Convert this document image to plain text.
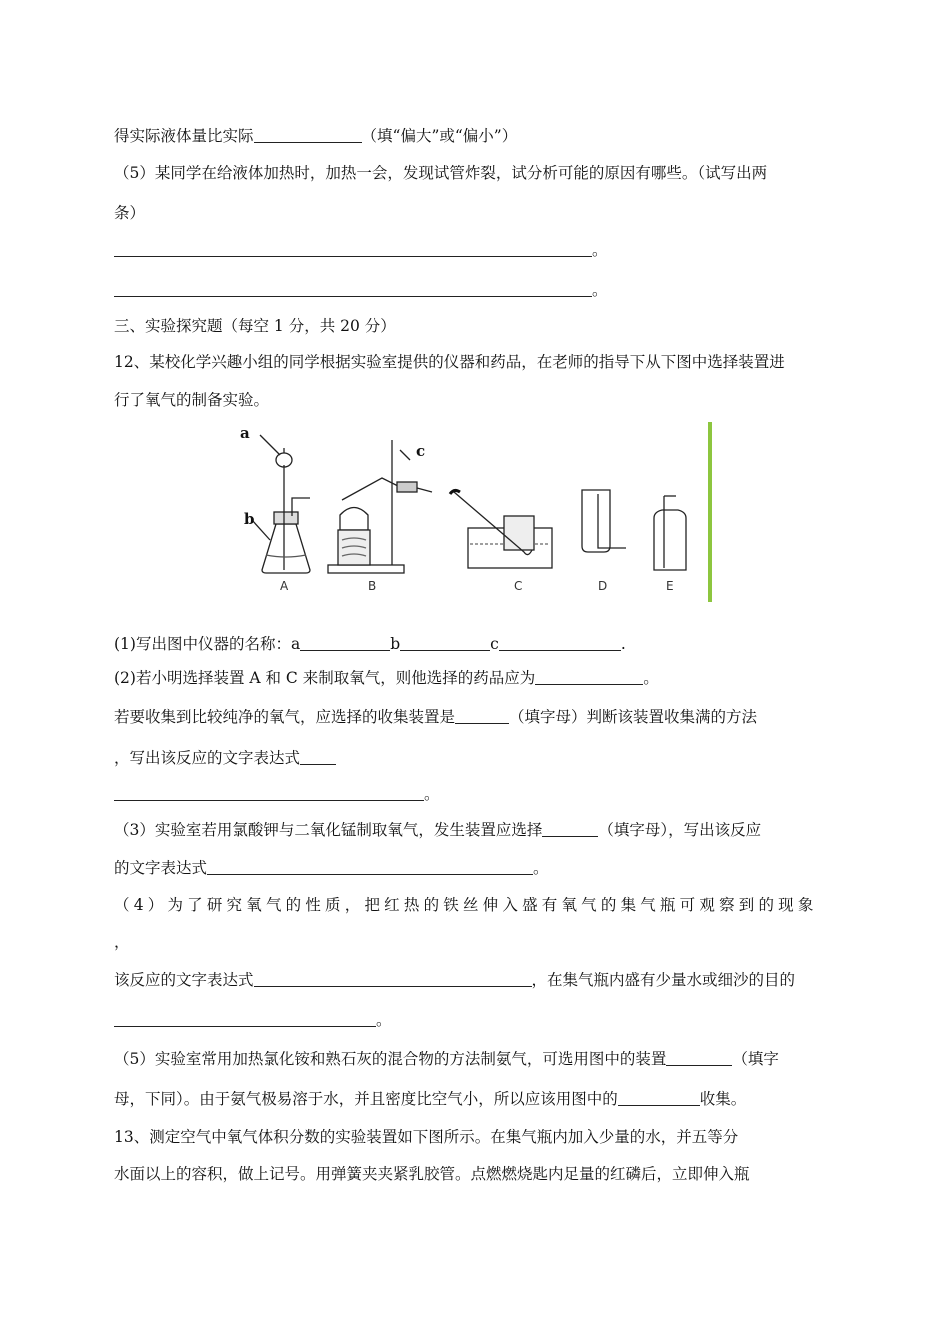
得实际液体量比实际	（填“偏大”或“偏小”）
（5）某同学在给液体加热时，加热一会，发现试管炸裂，试分析可能的原因有哪些。（试写出两
条）
。
。
三、实验探究题（每空 1 分，共 20 分）
12、某校化学兴趣小组的同学根据实验室提供的仪器和药品，在老师的指导下从下图中选择装置进
行了氧气的制备实验。
a
b
c
A	B	C	D	E
(1)写出图中仪器的名称：a	b	c	.
(2)若小明选择装置 A 和 C 来制取氧气，则他选择的药品应为	。
若要收集到比较纯净的氧气，应选择的收集装置是	（填字母）判断该装置收集满的方法
，写出该反应的文字表达式
。
（3）实验室若用氯酸钾与二氧化锰制取氧气，发生装置应选择	（填字母），写出该反应
的文字表达式	。
（4）为了研究氧气的性质，把红热的铁丝伸入盛有氧气的集气瓶可观察到的现象
，
该反应的文字表达式	，在集气瓶内盛有少量水或细沙的目的
。
（5）实验室常用加热氯化铵和熟石灰的混合物的方法制氨气，可选用图中的装置	（填字
母，下同）。由于氨气极易溶于水，并且密度比空气小，所以应该用图中的	收集。
13、测定空气中氧气体积分数的实验装置如下图所示。在集气瓶内加入少量的水，并五等分
水面以上的容积，做上记号。用弹簧夹夹紧乳胶管。点燃燃烧匙内足量的红磷后，立即伸入瓶
